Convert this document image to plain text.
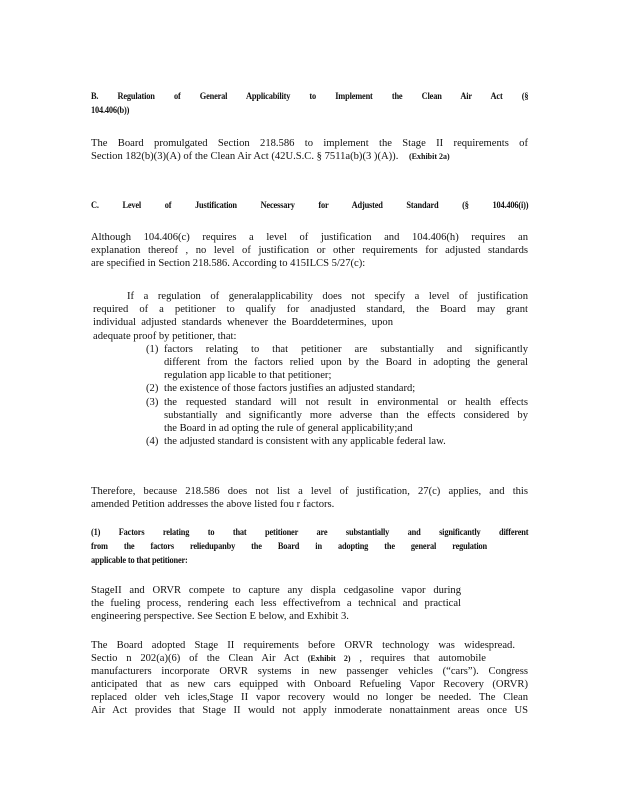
B. Regulation of General Applicability to Implement the Clean Air Act (§
104.406(b))
The Board promulgated Section 218.586 to implement the Stage II requirements of
Section 182(b)(3)(A) of the Clean Air Act (42U.S.C. § 7511a(b)(3 )(A)). (Exhibit 2a)
C. Level of Justification Necessary for Adjusted Standard (§ 104.406(i))
Although 104.406(c) requires a level of justification and 104.406(h) requires an
explanation thereof , no level of justification or other requirements for adjusted standards
are specified in Section 218.586. According to 415ILCS 5/27(c):
If a regulation of generalapplicability does not specify a level of justification
required of a petitioner to qualify for anadjusted standard, the Board may grant
individual adjusted standards whenever the Boarddetermines, upon
adequate proof by petitioner, that:
(1) factors relating to that petitioner are substantially and significantly
different from the factors relied upon by the Board in adopting the general
regulation app licable to that petitioner;
(2) the existence of those factors justifies an adjusted standard;
(3) the requested standard will not result in environmental or health effects
substantially and significantly more adverse than the effects considered by
the Board in ad opting the rule of general applicability;and
(4) the adjusted standard is consistent with any applicable federal law.
Therefore, because 218.586 does not list a level of justification, 27(c) applies, and this
amended Petition addresses the above listed fou r factors.
(1) Factors relating to that petitioner are substantially and significantly different
from the factors reliedupanby the Board in adopting the general regulation
applicable to that petitioner:
StageII and ORVR compete to capture any displa cedgasoline vapor during
the fueling process, rendering each less effectivefrom a technical and practical
engineering perspective. See Section E below, and Exhibit 3.
The Board adopted Stage II requirements before ORVR technology was widespread.
Sectio n 202(a)(6) of the Clean Air Act (Exhibit 2) , requires that automobile
manufacturers incorporate ORVR systems in new passenger vehicles (“cars”). Congress
anticipated that as new cars equipped with Onboard Refueling Vapor Recovery (ORVR)
replaced older veh icles,Stage II vapor recovery would no longer be needed. The Clean
Air Act provides that Stage II would not apply inmoderate nonattainment areas once US
